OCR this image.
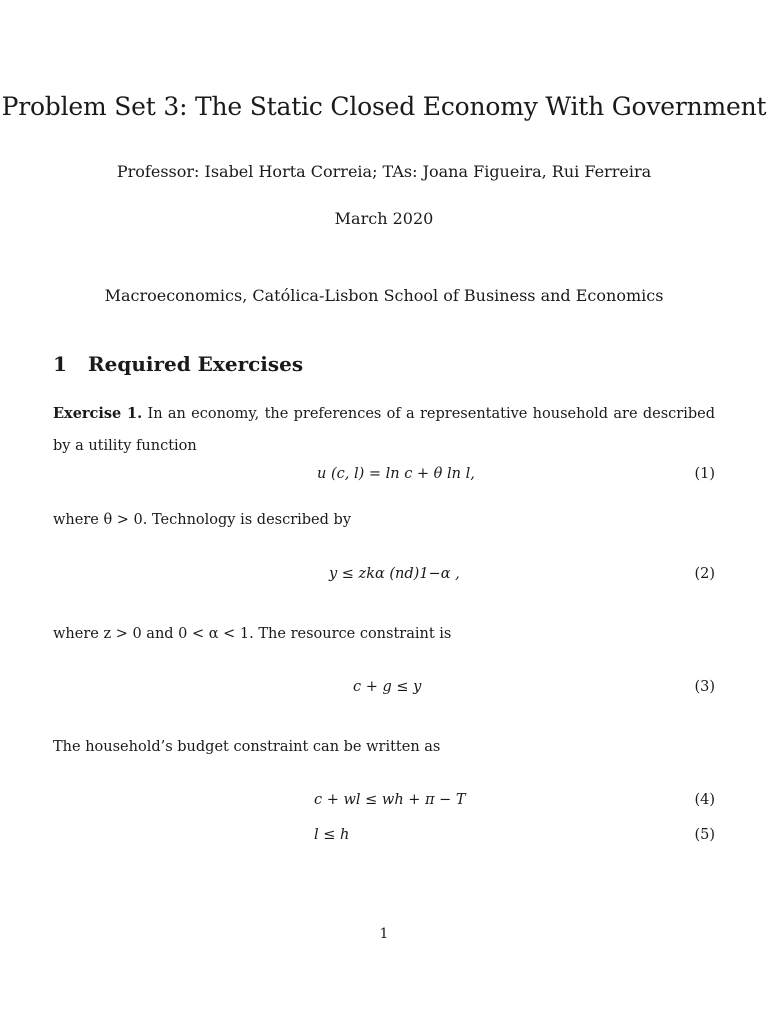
Problem Set 3: The Static Closed Economy With Government
Professor: Isabel Horta Correia; TAs: Joana Figueira, Rui Ferreira
March 2020
Macroeconomics, Católica-Lisbon School of Business and Economics
1 Required Exercises
Exercise 1. In an economy, the preferences of a representative household are described by a utility function
u (c, l) = ln c + θ ln l,	(1)
where θ > 0. Technology is described by
y ≤ zkα (nd)1−α ,	(2)
where z > 0 and 0 < α < 1. The resource constraint is
c + g ≤ y	(3)
The household’s budget constraint can be written as
c + wl ≤ wh + π − T	(4)
l ≤ h	(5)
1
